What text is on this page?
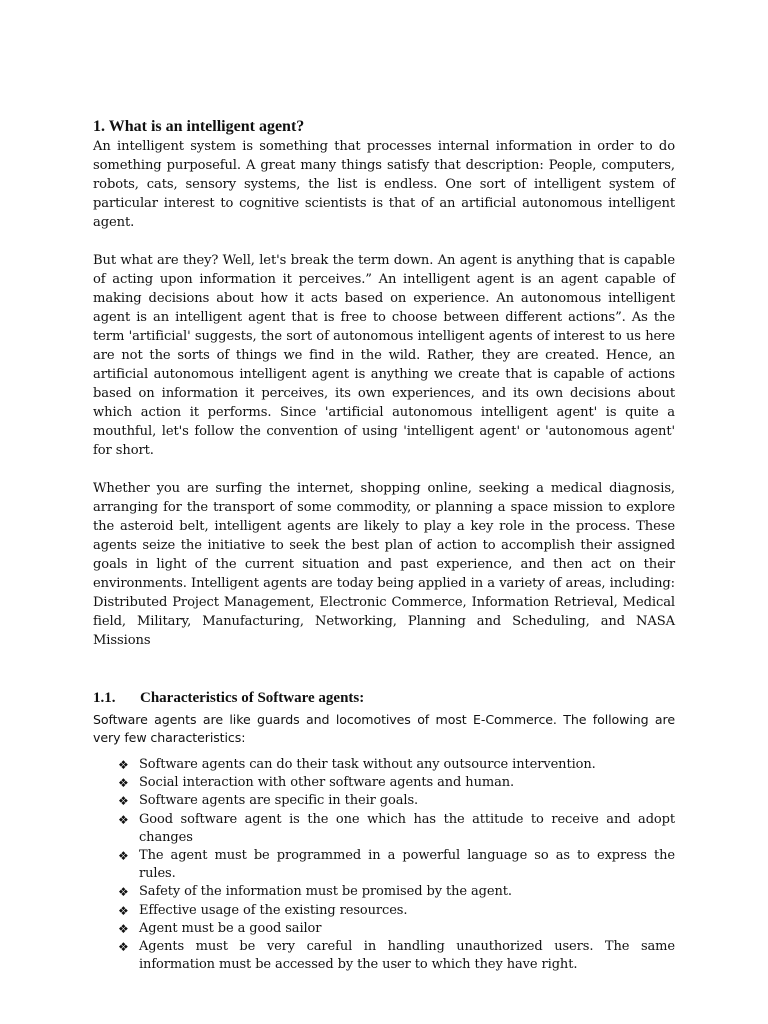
1. What is an intelligent agent?

An intelligent system is something that processes internal information in order to do something purposeful. A great many things satisfy that description: People, computers, robots, cats, sensory systems, the list is endless. One sort of intelligent system of particular interest to cognitive scientists is that of an artificial autonomous intelligent agent.

But what are they? Well, let's break the term down. An agent is anything that is capable of acting upon information it perceives.” An intelligent agent is an agent capable of making decisions about how it acts based on experience. An autonomous intelligent agent is an intelligent agent that is free to choose between different actions”. As the term 'artificial' suggests, the sort of autonomous intelligent agents of interest to us here are not the sorts of things we find in the wild. Rather, they are created. Hence, an artificial autonomous intelligent agent is anything we create that is capable of actions based on information it perceives, its own experiences, and its own decisions about which action it performs. Since 'artificial autonomous intelligent agent' is quite a mouthful, let's follow the convention of using 'intelligent agent' or 'autonomous agent' for short.

Whether you are surfing the internet, shopping online, seeking a medical diagnosis, arranging for the transport of some commodity, or planning a space mission to explore the asteroid belt, intelligent agents are likely to play a key role in the process. These agents seize the initiative to seek the best plan of action to accomplish their assigned goals in light of the current situation and past experience, and then act on their environments. Intelligent agents are today being applied in a variety of areas, including: Distributed Project Management, Electronic Commerce, Information Retrieval, Medical field, Military, Manufacturing, Networking, Planning and Scheduling, and NASA Missions

1.1.	Characteristics of Software agents:

Software agents are like guards and locomotives of most E-Commerce. The following are very few characteristics:

❖ Software agents can do their task without any outsource intervention.
❖ Social interaction with other software agents and human.
❖ Software agents are specific in their goals.
❖ Good software agent is the one which has the attitude to receive and adopt changes
❖ The agent must be programmed in a powerful language so as to express the rules.
❖ Safety of the information must be promised by the agent.
❖ Effective usage of the existing resources.
❖ Agent must be a good sailor
❖ Agents must be very careful in handling unauthorized users. The same information must be accessed by the user to which they have right.
